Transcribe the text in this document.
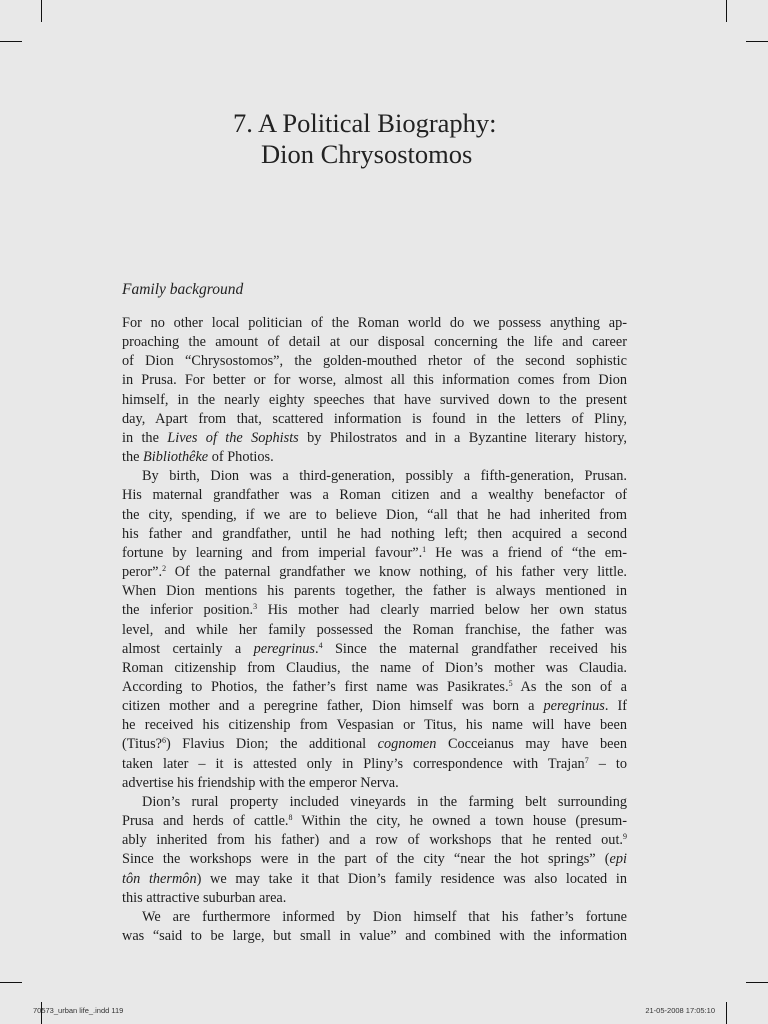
7. A Political Biography:
Dion Chrysostomos
Family background
For no other local politician of the Roman world do we possess anything ap-
proaching the amount of detail at our disposal concerning the life and career
of Dion “Chrysostomos”, the golden-mouthed rhetor of the second sophistic
in Prusa. For better or for worse, almost all this information comes from Dion
himself, in the nearly eighty speeches that have survived down to the present
day, Apart from that, scattered information is found in the letters of Pliny,
in the Lives of the Sophists by Philostratos and in a Byzantine literary history,
the Bibliothêke of Photios.
By birth, Dion was a third-generation, possibly a fifth-generation, Prusan.
His maternal grandfather was a Roman citizen and a wealthy benefactor of
the city, spending, if we are to believe Dion, “all that he had inherited from
his father and grandfather, until he had nothing left; then acquired a second
fortune by learning and from imperial favour”.$^1$ He was a friend of “the em-
peror”.$^2$ Of the paternal grandfather we know nothing, of his father very little.
When Dion mentions his parents together, the father is always mentioned in
the inferior position.$^3$ His mother had clearly married below her own status
level, and while her family possessed the Roman franchise, the father was
almost certainly a peregrinus.$^4$ Since the maternal grandfather received his
Roman citizenship from Claudius, the name of Dion’s mother was Claudia.
According to Photios, the father’s first name was Pasikrates.$^5$ As the son of a
citizen mother and a peregrine father, Dion himself was born a peregrinus. If
he received his citizenship from Vespasian or Titus, his name will have been
(Titus?$^6$) Flavius Dion; the additional cognomen Cocceianus may have been
taken later – it is attested only in Pliny’s correspondence with Trajan$^7$ – to
advertise his friendship with the emperor Nerva.
Dion’s rural property included vineyards in the farming belt surrounding
Prusa and herds of cattle.$^8$ Within the city, he owned a town house (presum-
ably inherited from his father) and a row of workshops that he rented out.$^9$
Since the workshops were in the part of the city “near the hot springs” (epi
tôn thermôn) we may take it that Dion’s family residence was also located in
this attractive suburban area.
We are furthermore informed by Dion himself that his father’s fortune
was “said to be large, but small in value” and combined with the information
70573_urban life_.indd 119	21-05-2008 17:05:10
